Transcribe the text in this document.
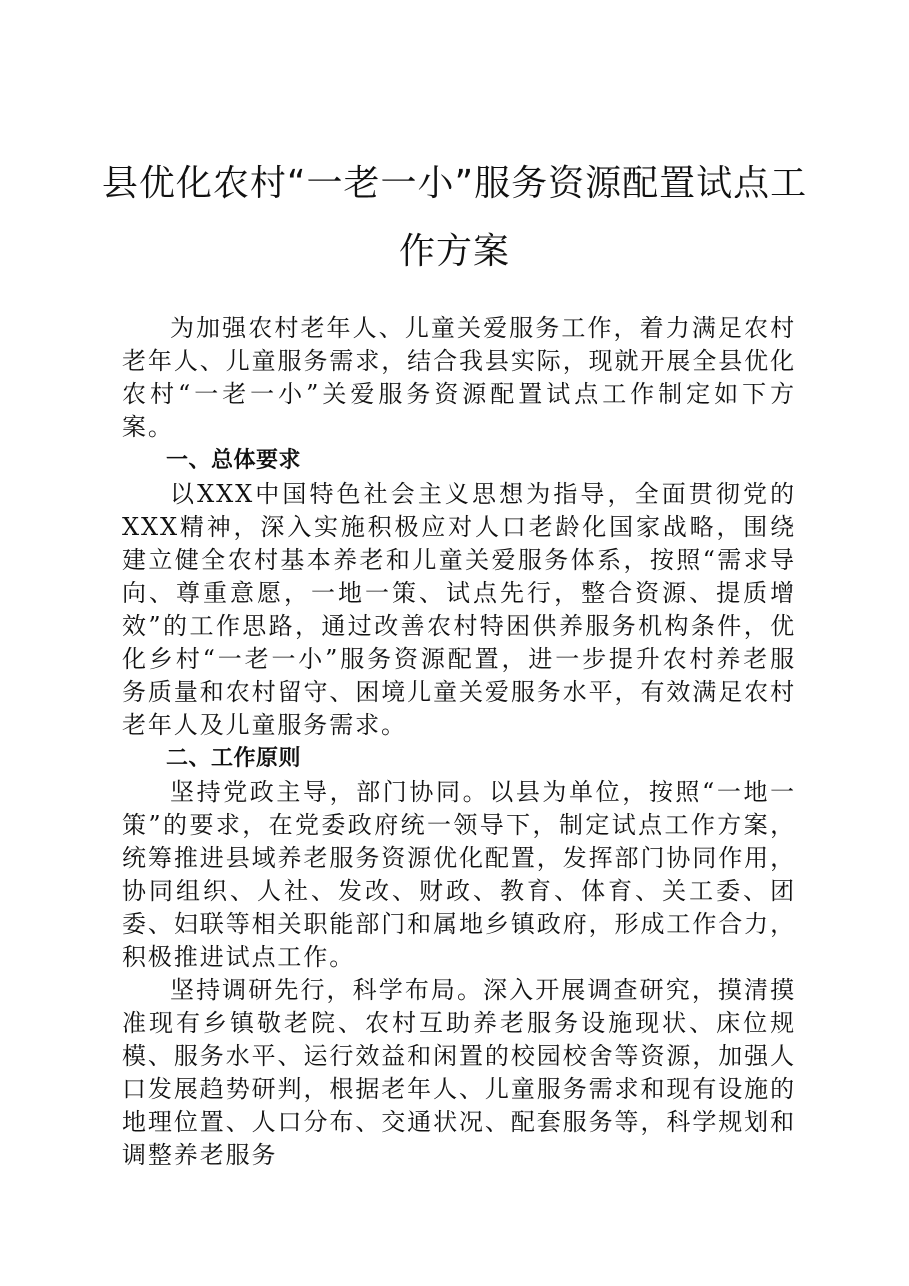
县优化农村“一老一小”服务资源配置试点工作方案

为加强农村老年人、儿童关爱服务工作，着力满足农村老年人、儿童服务需求，结合我县实际，现就开展全县优化农村“一老一小”关爱服务资源配置试点工作制定如下方案。

一、总体要求

以XXX中国特色社会主义思想为指导，全面贯彻党的XXX精神，深入实施积极应对人口老龄化国家战略，围绕建立健全农村基本养老和儿童关爱服务体系，按照“需求导向、尊重意愿，一地一策、试点先行，整合资源、提质增效”的工作思路，通过改善农村特困供养服务机构条件，优化乡村“一老一小”服务资源配置，进一步提升农村养老服务质量和农村留守、困境儿童关爱服务水平，有效满足农村老年人及儿童服务需求。

二、工作原则

坚持党政主导，部门协同。以县为单位，按照“一地一策”的要求，在党委政府统一领导下，制定试点工作方案，统筹推进县域养老服务资源优化配置，发挥部门协同作用，协同组织、人社、发改、财政、教育、体育、关工委、团委、妇联等相关职能部门和属地乡镇政府，形成工作合力，积极推进试点工作。

坚持调研先行，科学布局。深入开展调查研究，摸清摸准现有乡镇敬老院、农村互助养老服务设施现状、床位规模、服务水平、运行效益和闲置的校园校舍等资源，加强人口发展趋势研判，根据老年人、儿童服务需求和现有设施的地理位置、人口分布、交通状况、配套服务等，科学规划和调整养老服务
